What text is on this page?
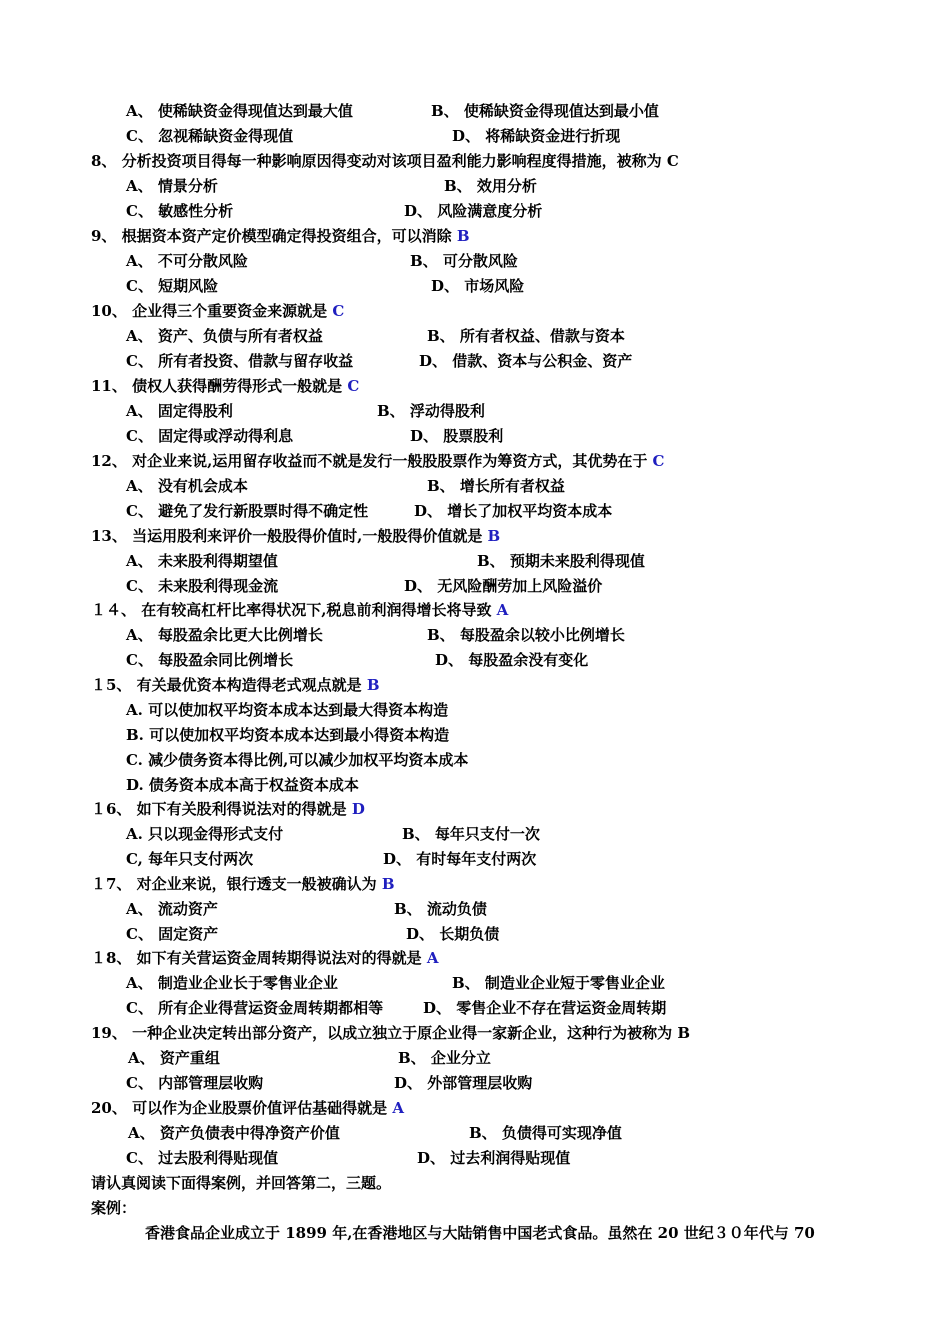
A、 使稀缺资金得现值达到最大值	B、 使稀缺资金得现值达到最小值
C、 忽视稀缺资金得现值	D、 将稀缺资金进行折现
8、 分析投资项目得每一种影响原因得变动对该项目盈利能力影响程度得措施，被称为 C
A、 情景分析	B、 效用分析
C、 敏感性分析	D、 风险满意度分析
9、 根据资本资产定价模型确定得投资组合，可以消除 B
A、 不可分散风险	B、 可分散风险
C、 短期风险	D、 市场风险
10、 企业得三个重要资金来源就是 C
A、 资产、负债与所有者权益	B、 所有者权益、借款与资本
C、 所有者投资、借款与留存收益	D、 借款、资本与公积金、资产
11、 债权人获得酬劳得形式一般就是 C
A、 固定得股利	B、 浮动得股利
C、 固定得或浮动得利息	D、 股票股利
12、 对企业来说,运用留存收益而不就是发行一般股股票作为筹资方式，其优势在于 C
A、 没有机会成本	B、 增长所有者权益
C、 避免了发行新股票时得不确定性	D、 增长了加权平均资本成本
13、 当运用股利来评价一般股得价值时,一般股得价值就是 B
A、 未来股利得期望值	B、 预期未来股利得现值
C、 未来股利得现金流	D、 无风险酬劳加上风险溢价
１４、 在有较高杠杆比率得状况下,税息前利润得增长将导致 A
A、 每股盈余比更大比例增长	B、 每股盈余以较小比例增长
C、 每股盈余同比例增长	D、 每股盈余没有变化
１5、 有关最优资本构造得老式观点就是 B
A. 可以使加权平均资本成本达到最大得资本构造
B. 可以使加权平均资本成本达到最小得资本构造
C. 减少债务资本得比例,可以减少加权平均资本成本
D. 债务资本成本高于权益资本成本
１6、 如下有关股利得说法对的得就是 D
A. 只以现金得形式支付	B、 每年只支付一次
C, 每年只支付两次	D、 有时每年支付两次
１7、 对企业来说，银行透支一般被确认为 B
A、 流动资产	B、 流动负债
C、 固定资产	D、 长期负债
１8、 如下有关营运资金周转期得说法对的得就是 A
A、 制造业企业长于零售业企业	B、 制造业企业短于零售业企业
C、 所有企业得营运资金周转期都相等	D、 零售企业不存在营运资金周转期
19、 一种企业决定转出部分资产，以成立独立于原企业得一家新企业，这种行为被称为 B
A、 资产重组	B、 企业分立
C、 内部管理层收购	D、 外部管理层收购
20、 可以作为企业股票价值评估基础得就是 A
A、 资产负债表中得净资产价值	B、 负债得可实现净值
C、 过去股利得贴现值	D、 过去利润得贴现值
请认真阅读下面得案例，并回答第二，三题。
案例：
香港食品企业成立于 1899 年,在香港地区与大陆销售中国老式食品。虽然在 20 世纪３０年代与 70
